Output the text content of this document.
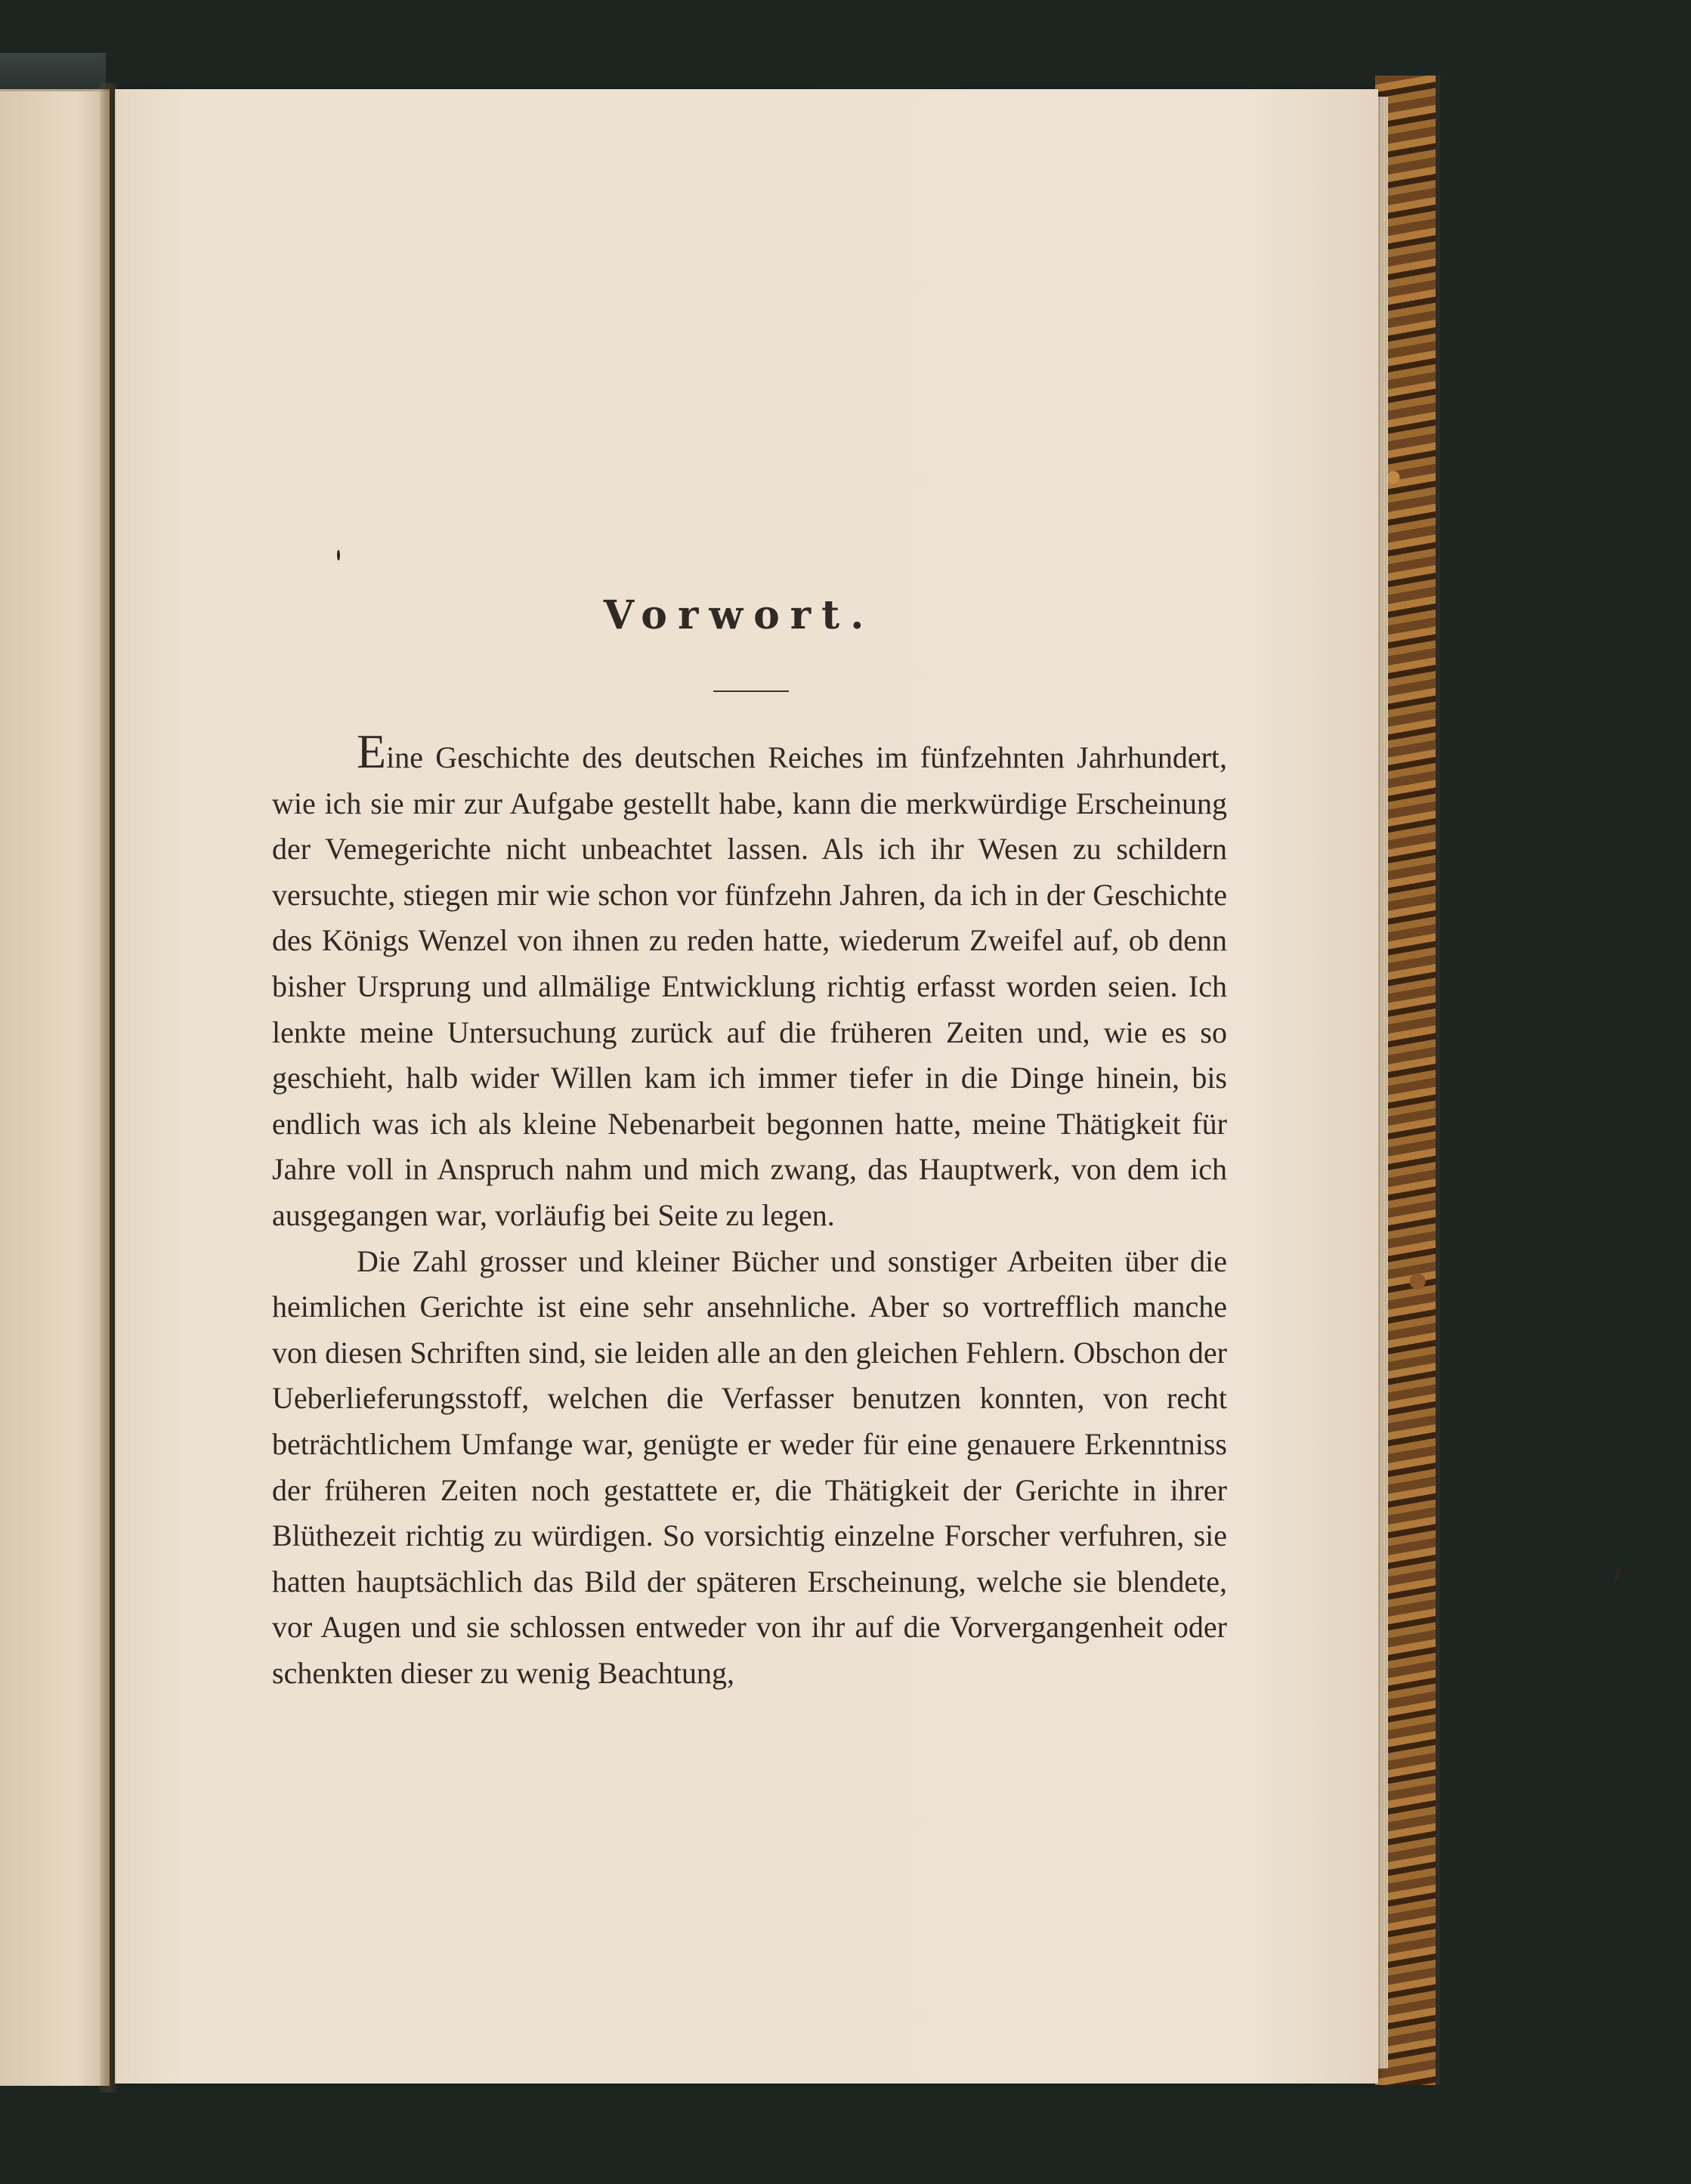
Vorwort.

Eine Geschichte des deutschen Reiches im fünfzehnten Jahrhundert, wie ich sie mir zur Aufgabe gestellt habe, kann die merkwürdige Erscheinung der Vemegerichte nicht unbeachtet lassen. Als ich ihr Wesen zu schildern versuchte, stiegen mir wie schon vor fünfzehn Jahren, da ich in der Geschichte des Königs Wenzel von ihnen zu reden hatte, wiederum Zweifel auf, ob denn bisher Ursprung und allmälige Entwicklung richtig erfasst worden seien. Ich lenkte meine Untersuchung zurück auf die früheren Zeiten und, wie es so geschieht, halb wider Willen kam ich immer tiefer in die Dinge hinein, bis endlich was ich als kleine Nebenarbeit begonnen hatte, meine Thätigkeit für Jahre voll in Anspruch nahm und mich zwang, das Hauptwerk, von dem ich ausgegangen war, vorläufig bei Seite zu legen.

Die Zahl grosser und kleiner Bücher und sonstiger Arbeiten über die heimlichen Gerichte ist eine sehr ansehnliche. Aber so vortrefflich manche von diesen Schriften sind, sie leiden alle an den gleichen Fehlern. Obschon der Ueberlieferungsstoff, welchen die Verfasser benutzen konnten, von recht beträchtlichem Umfange war, genügte er weder für eine genauere Erkenntniss der früheren Zeiten noch gestattete er, die Thätigkeit der Gerichte in ihrer Blüthezeit richtig zu würdigen. So vorsichtig einzelne Forscher verfuhren, sie hatten hauptsächlich das Bild der späteren Erscheinung, welche sie blendete, vor Augen und sie schlossen entweder von ihr auf die Vorvergangenheit oder schenkten dieser zu wenig Beachtung,
